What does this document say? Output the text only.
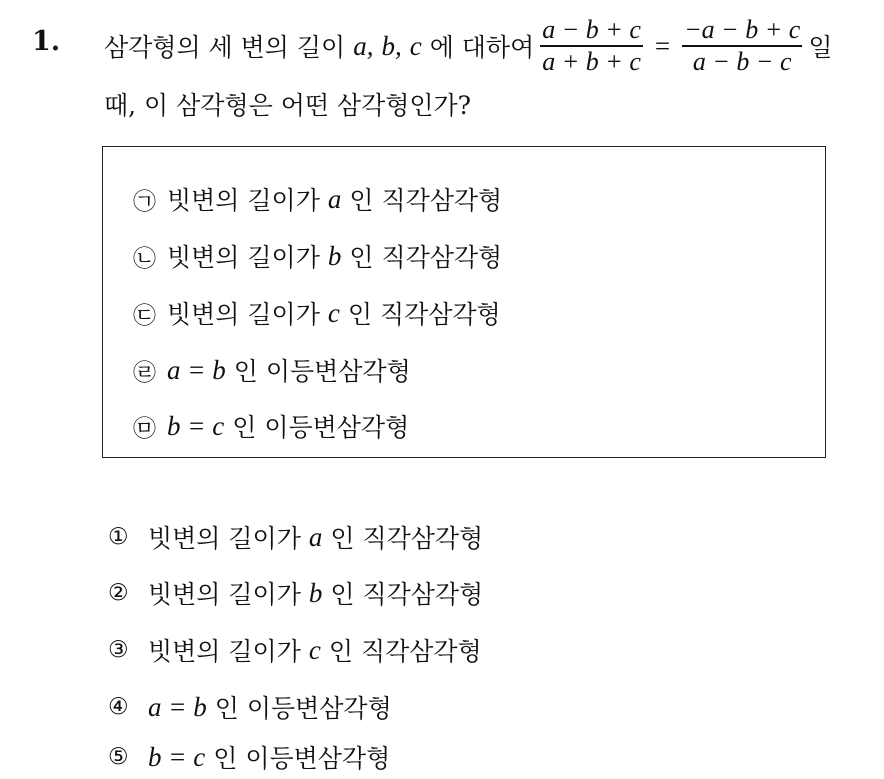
1. 삼각형의 세 변의 길이 a, b, c 에 대하여 $\frac{a - b + c}{a + b + c} = \frac{-a - b + c}{a - b - c}$ 일
때, 이 삼각형은 어떤 삼각형인가?
㉠ 빗변의 길이가 a 인 직각삼각형
㉡ 빗변의 길이가 b 인 직각삼각형
㉢ 빗변의 길이가 c 인 직각삼각형
㉣ a = b 인 이등변삼각형
㉤ b = c 인 이등변삼각형
① 빗변의 길이가 a 인 직각삼각형
② 빗변의 길이가 b 인 직각삼각형
③ 빗변의 길이가 c 인 직각삼각형
④ a = b 인 이등변삼각형
⑤ b = c 인 이등변삼각형
